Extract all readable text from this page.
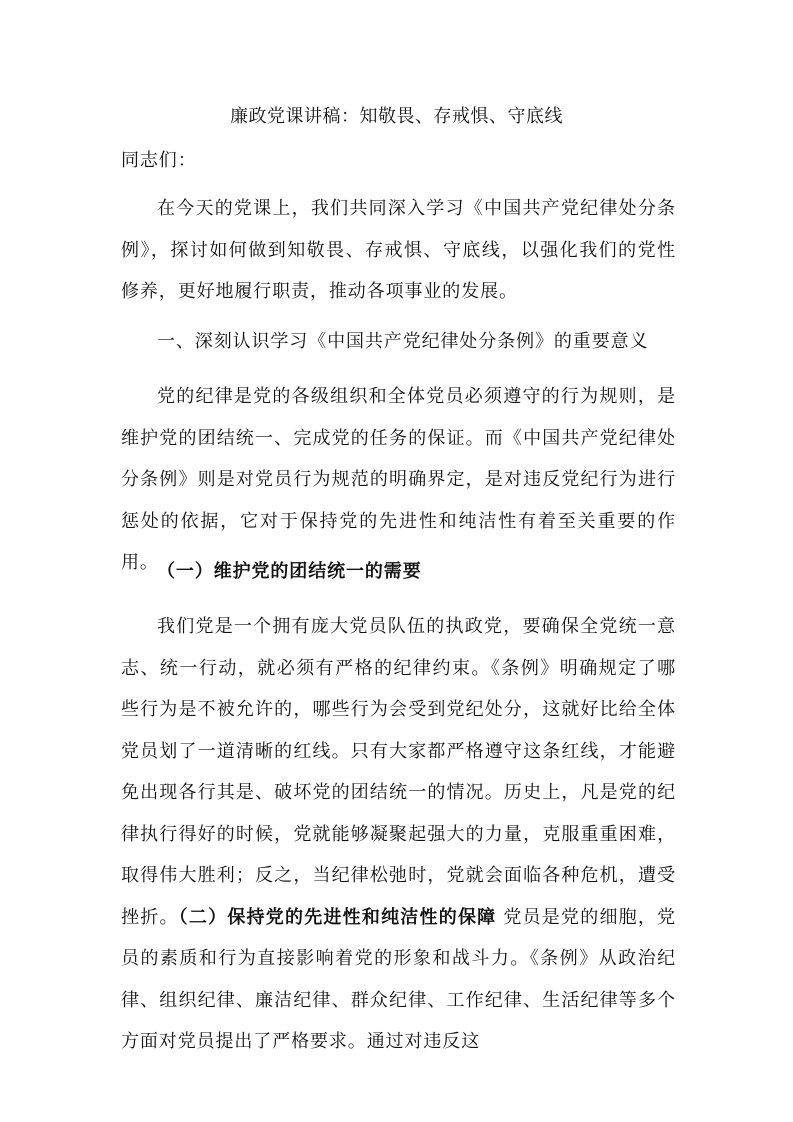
廉政党课讲稿：知敬畏、存戒惧、守底线
同志们：
在今天的党课上，我们共同深入学习《中国共产党纪律处分条例》，探讨如何做到知敬畏、存戒惧、守底线，以强化我们的党性修养，更好地履行职责，推动各项事业的发展。
一、深刻认识学习《中国共产党纪律处分条例》的重要意义
党的纪律是党的各级组织和全体党员必须遵守的行为规则，是维护党的团结统一、完成党的任务的保证。而《中国共产党纪律处分条例》则是对党员行为规范的明确界定，是对违反党纪行为进行惩处的依据，它对于保持党的先进性和纯洁性有着至关重要的作用。
（一）维护党的团结统一的需要
我们党是一个拥有庞大党员队伍的执政党，要确保全党统一意志、统一行动，就必须有严格的纪律约束。《条例》明确规定了哪些行为是不被允许的，哪些行为会受到党纪处分，这就好比给全体党员划了一道清晰的红线。只有大家都严格遵守这条红线，才能避免出现各行其是、破坏党的团结统一的情况。历史上，凡是党的纪律执行得好的时候，党就能够凝聚起强大的力量，克服重重困难，取得伟大胜利；反之，当纪律松弛时，党就会面临各种危机，遭受挫折。（二）保持党的先进性和纯洁性的保障 党员是党的细胞，党员的素质和行为直接影响着党的形象和战斗力。《条例》从政治纪律、组织纪律、廉洁纪律、群众纪律、工作纪律、生活纪律等多个方面对党员提出了严格要求。通过对违反这
